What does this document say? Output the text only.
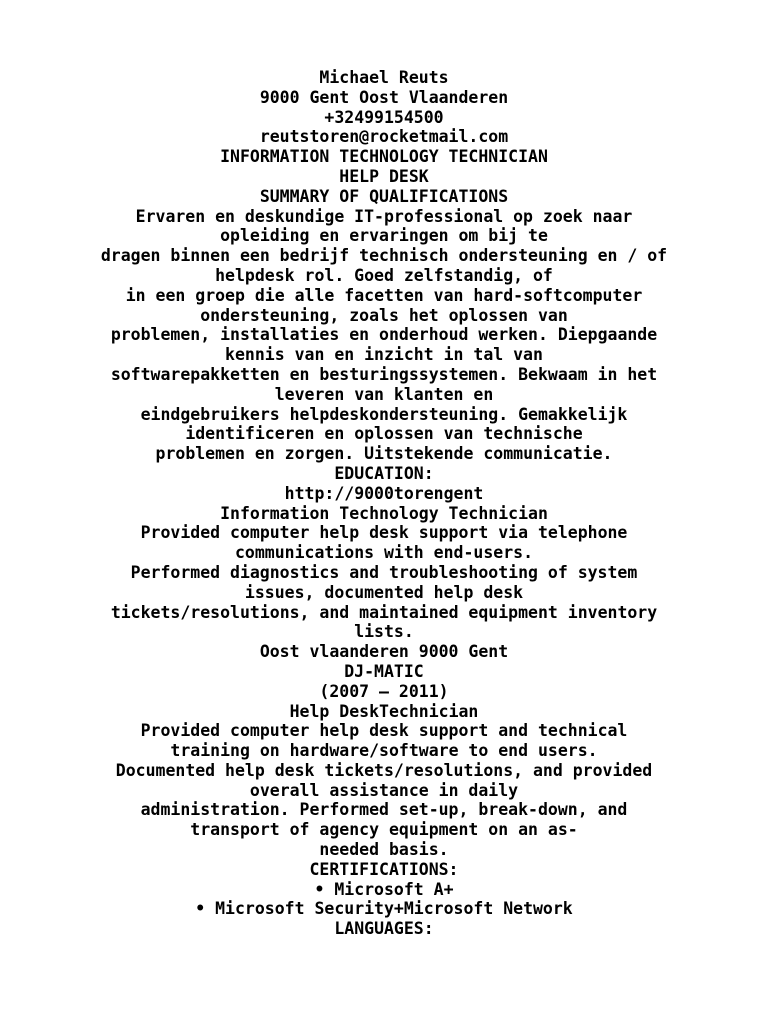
Michael Reuts
9000 Gent Oost Vlaanderen
+32499154500
reutstoren@rocketmail.com
INFORMATION TECHNOLOGY TECHNICIAN
HELP DESK
SUMMARY OF QUALIFICATIONS
Ervaren en deskundige IT-professional op zoek naar
opleiding en ervaringen om bij te
dragen binnen een bedrijf technisch ondersteuning en / of
helpdesk rol. Goed zelfstandig, of
in een groep die alle facetten van hard-softcomputer
ondersteuning, zoals het oplossen van
problemen, installaties en onderhoud werken. Diepgaande
kennis van en inzicht in tal van
softwarepakketten en besturingssystemen. Bekwaam in het
leveren van klanten en
eindgebruikers helpdeskondersteuning. Gemakkelijk
identificeren en oplossen van technische
problemen en zorgen. Uitstekende communicatie.
EDUCATION:
http://9000torengent
Information Technology Technician
Provided computer help desk support via telephone
communications with end-users.
Performed diagnostics and troubleshooting of system
issues, documented help desk
tickets/resolutions, and maintained equipment inventory
lists.
Oost vlaanderen 9000 Gent
DJ-MATIC
(2007 – 2011)
Help DeskTechnician
Provided computer help desk support and technical
training on hardware/software to end users.
Documented help desk tickets/resolutions, and provided
overall assistance in daily
administration. Performed set-up, break-down, and
transport of agency equipment on an as-
needed basis.
CERTIFICATIONS:
• Microsoft A+
• Microsoft Security+Microsoft Network
LANGUAGES:
